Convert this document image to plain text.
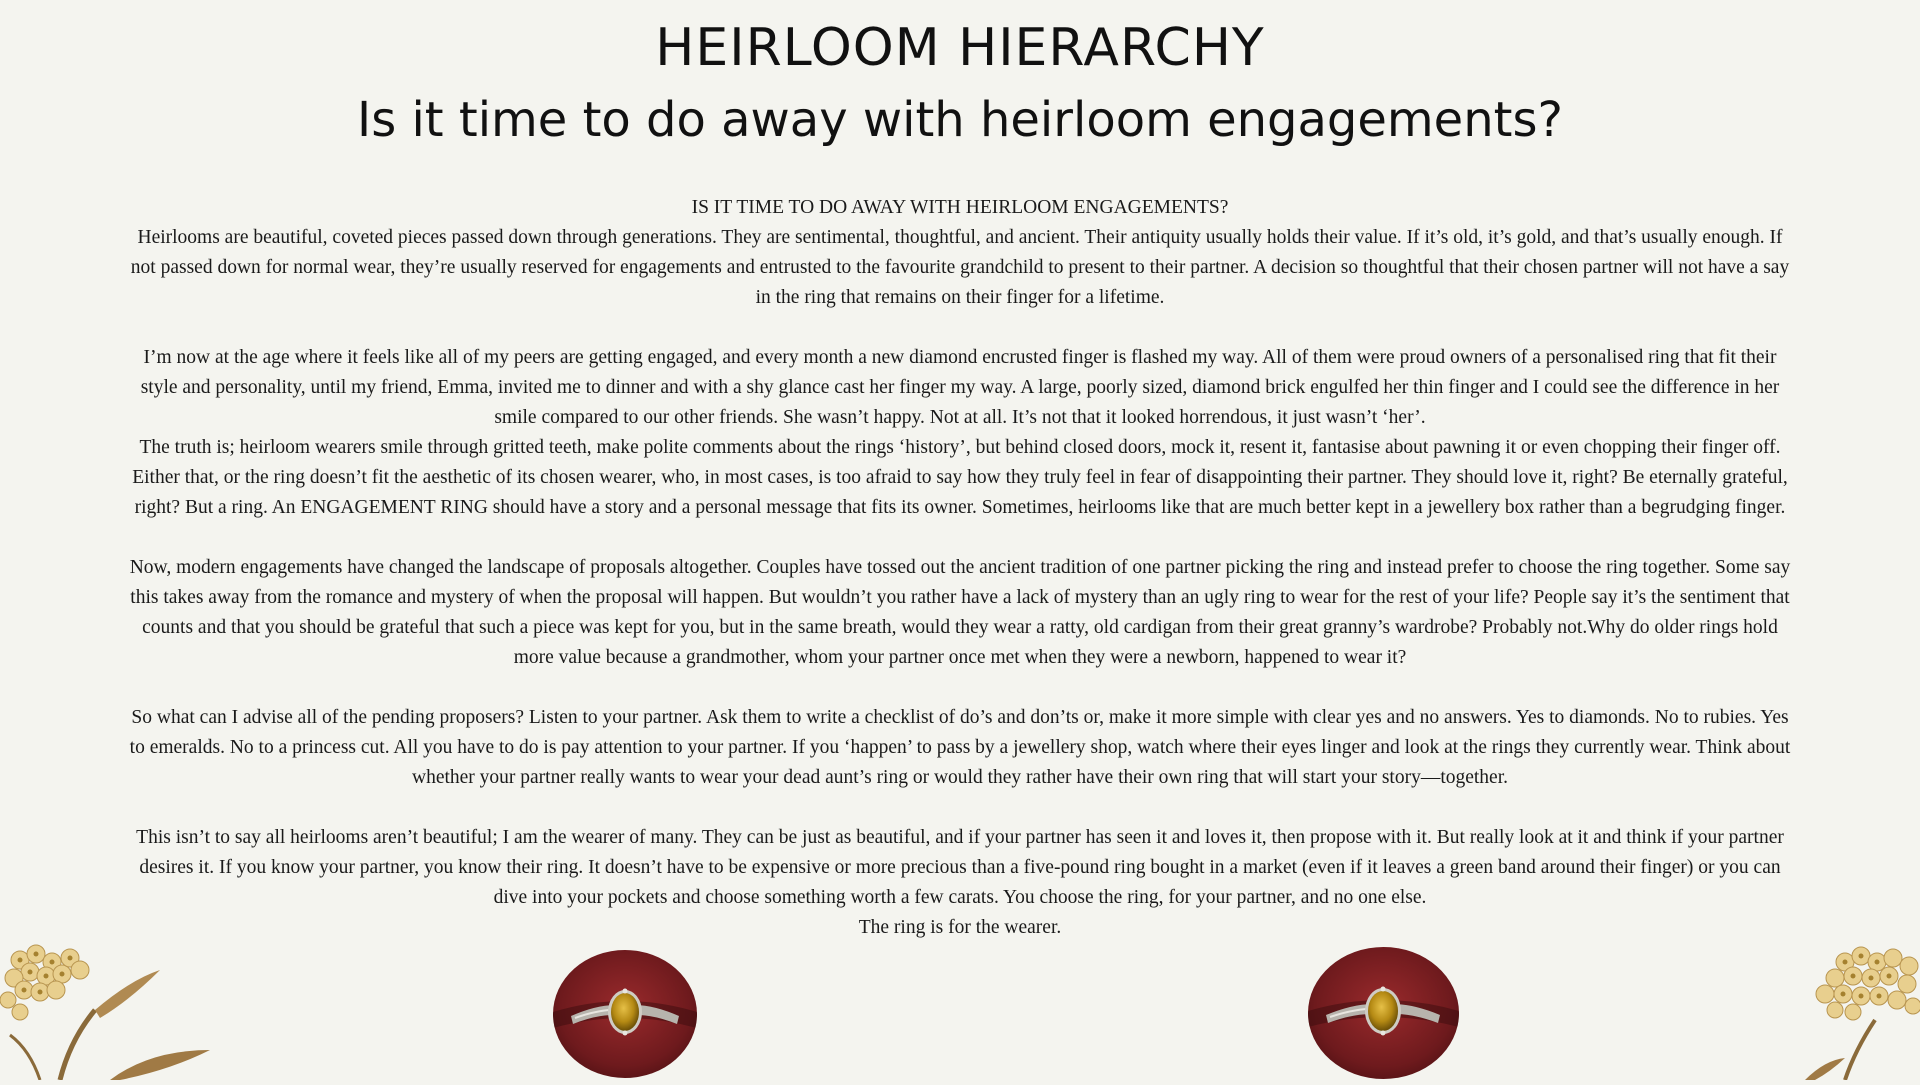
HEIRLOOM HIERARCHY
Is it time to do away with heirloom engagements?

IS IT TIME TO DO AWAY WITH HEIRLOOM ENGAGEMENTS?

Heirlooms are beautiful, coveted pieces passed down through generations. They are sentimental, thoughtful, and ancient. Their antiquity usually holds their value. If it’s old, it’s gold, and that’s usually enough. If not passed down for normal wear, they’re usually reserved for engagements and entrusted to the favourite grandchild to present to their partner. A decision so thoughtful that their chosen partner will not have a say in the ring that remains on their finger for a lifetime.

I’m now at the age where it feels like all of my peers are getting engaged, and every month a new diamond encrusted finger is flashed my way. All of them were proud owners of a personalised ring that fit their style and personality, until my friend, Emma, invited me to dinner and with a shy glance cast her finger my way. A large, poorly sized, diamond brick engulfed her thin finger and I could see the difference in her smile compared to our other friends. She wasn’t happy. Not at all. It’s not that it looked horrendous, it just wasn’t ‘her’.

The truth is; heirloom wearers smile through gritted teeth, make polite comments about the rings ‘history’, but behind closed doors, mock it, resent it, fantasise about pawning it or even chopping their finger off. Either that, or the ring doesn’t fit the aesthetic of its chosen wearer, who, in most cases, is too afraid to say how they truly feel in fear of disappointing their partner. They should love it, right? Be eternally grateful, right? But a ring. An ENGAGEMENT RING should have a story and a personal message that fits its owner. Sometimes, heirlooms like that are much better kept in a jewellery box rather than a begrudging finger.

Now, modern engagements have changed the landscape of proposals altogether. Couples have tossed out the ancient tradition of one partner picking the ring and instead prefer to choose the ring together. Some say this takes away from the romance and mystery of when the proposal will happen. But wouldn’t you rather have a lack of mystery than an ugly ring to wear for the rest of your life? People say it’s the sentiment that counts and that you should be grateful that such a piece was kept for you, but in the same breath, would they wear a ratty, old cardigan from their great granny’s wardrobe? Probably not.Why do older rings hold more value because a grandmother, whom your partner once met when they were a newborn, happened to wear it?

So what can I advise all of the pending proposers? Listen to your partner. Ask them to write a checklist of do’s and don’ts or, make it more simple with clear yes and no answers. Yes to diamonds. No to rubies. Yes to emeralds. No to a princess cut. All you have to do is pay attention to your partner. If you ‘happen’ to pass by a jewellery shop, watch where their eyes linger and look at the rings they currently wear. Think about whether your partner really wants to wear your dead aunt’s ring or would they rather have their own ring that will start your story—together.

This isn’t to say all heirlooms aren’t beautiful; I am the wearer of many. They can be just as beautiful, and if your partner has seen it and loves it, then propose with it. But really look at it and think if your partner desires it. If you know your partner, you know their ring. It doesn’t have to be expensive or more precious than a five-pound ring bought in a market (even if it leaves a green band around their finger) or you can dive into your pockets and choose something worth a few carats. You choose the ring, for your partner, and no one else.

The ring is for the wearer.
